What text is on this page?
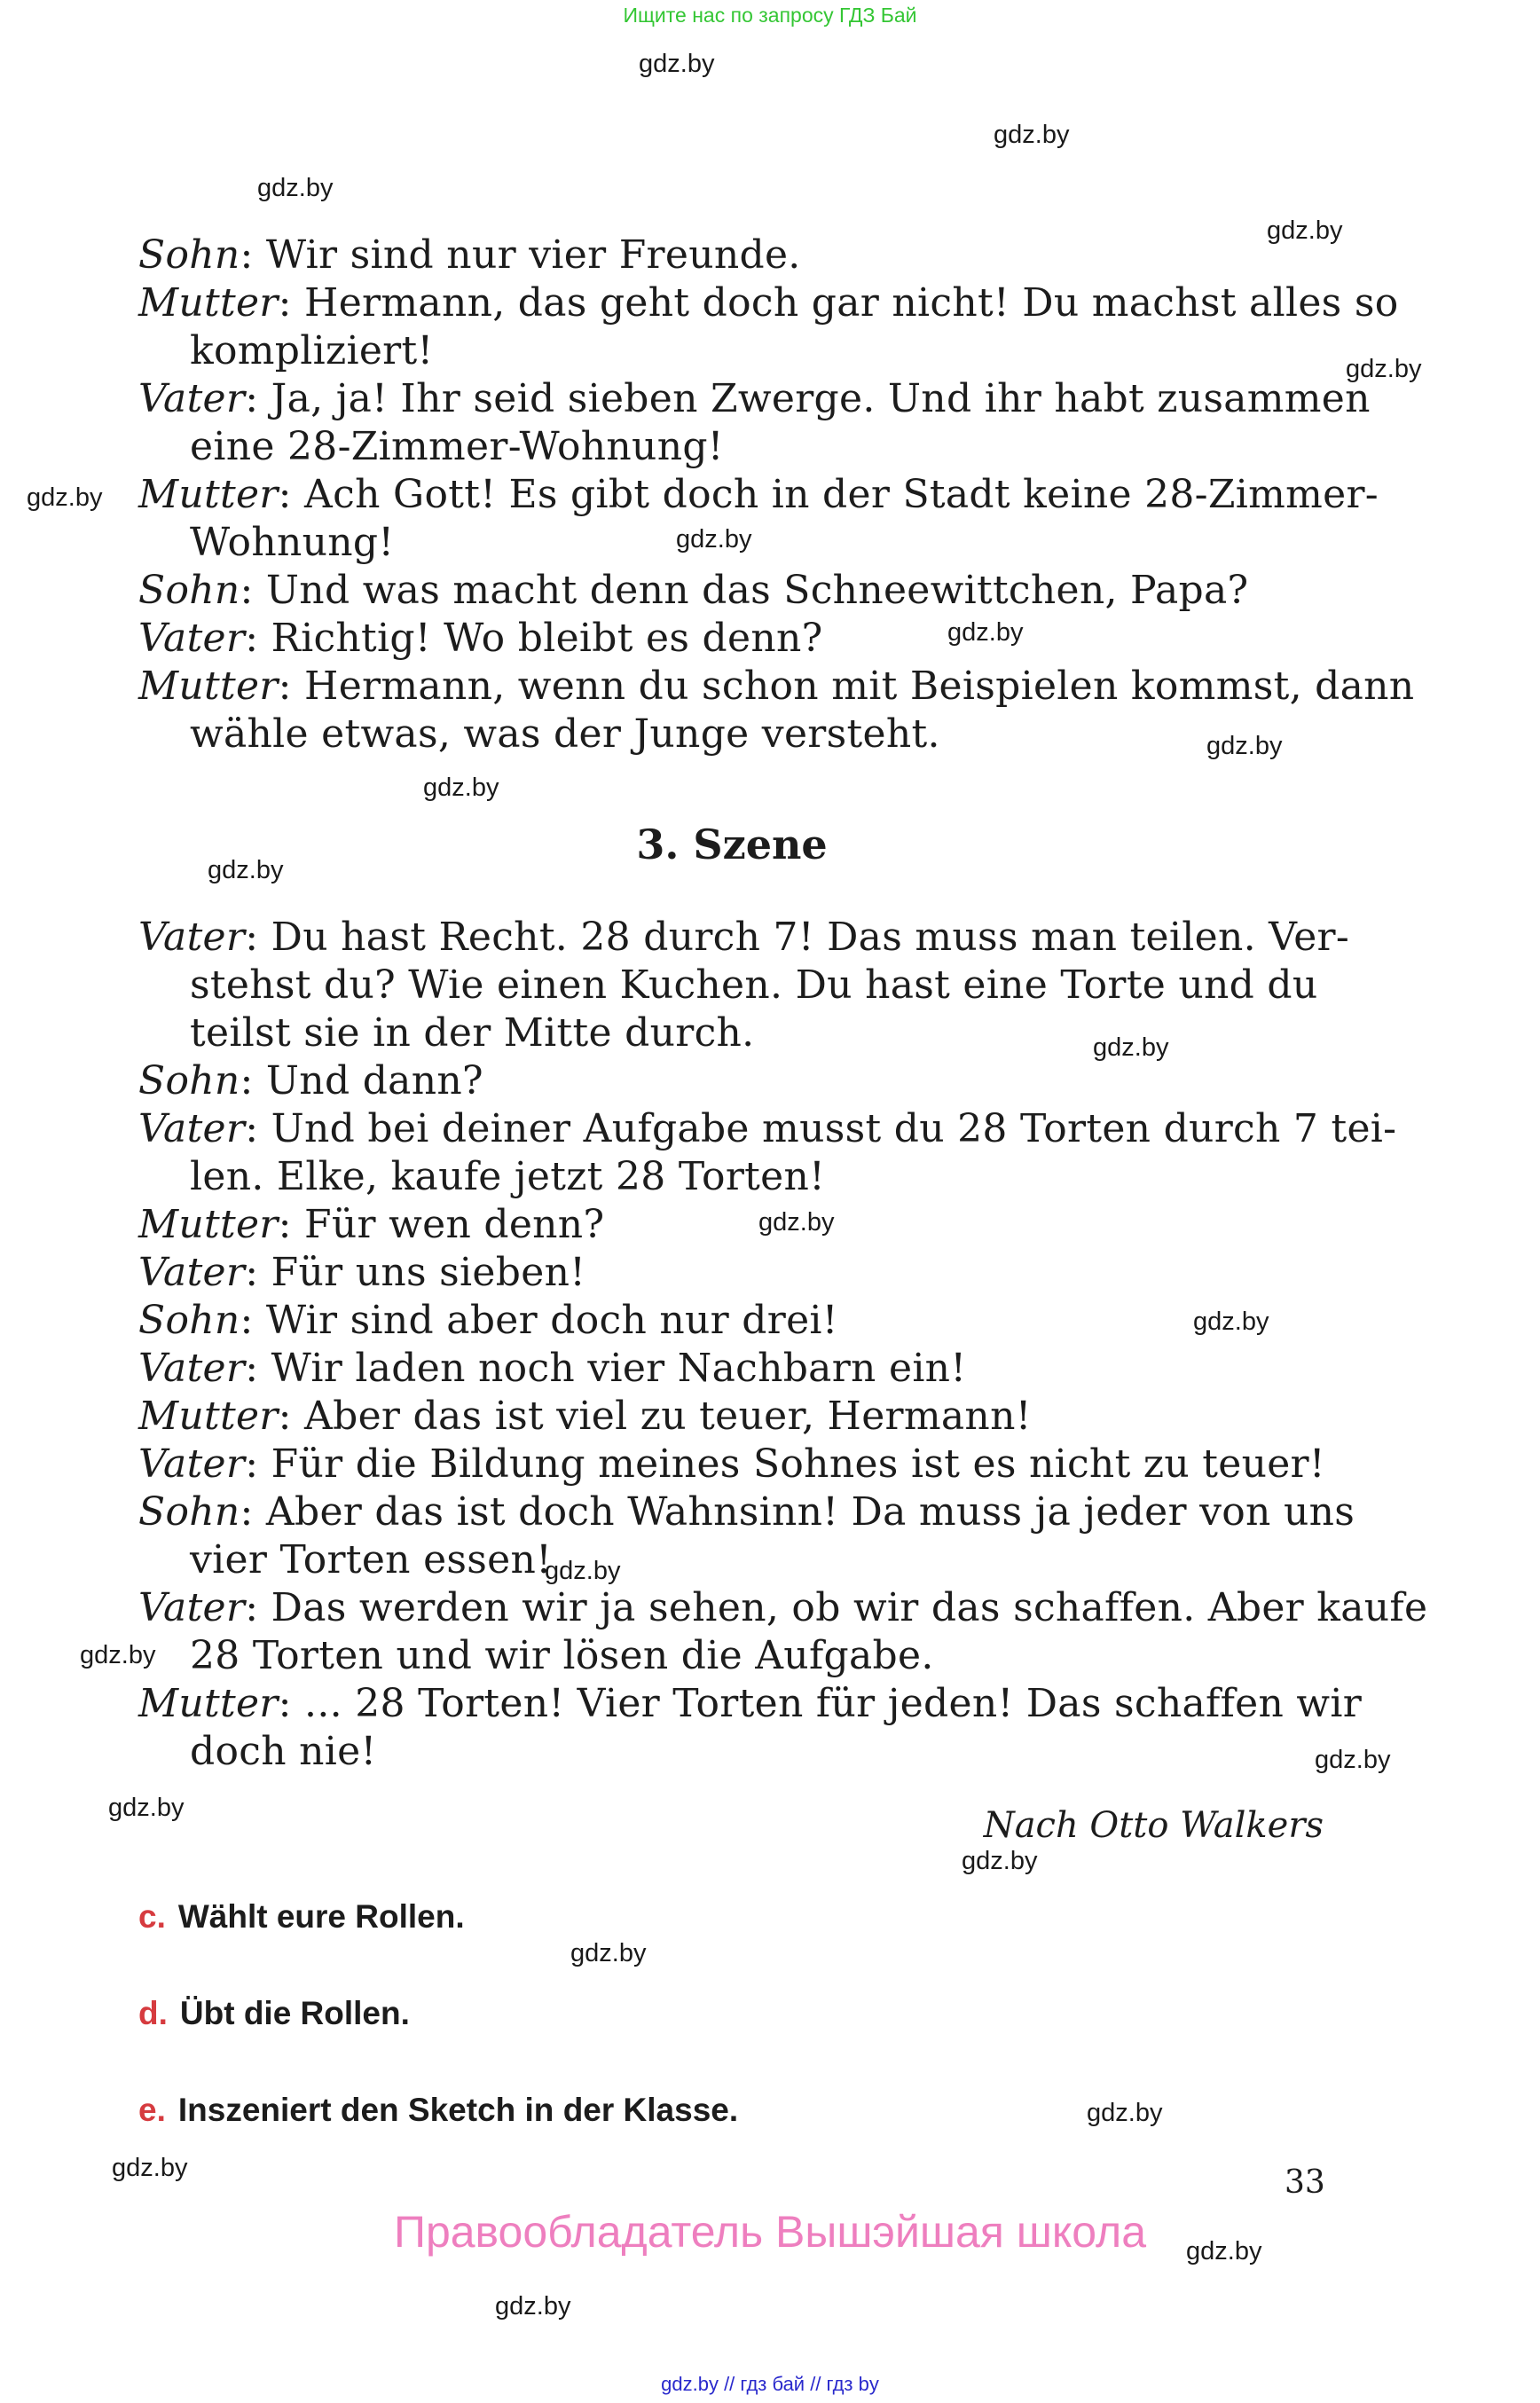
Ищите нас по запросу ГДЗ Бай
gdz.by
gdz.by
gdz.by
gdz.by
gdz.by
gdz.by
gdz.by
gdz.by
gdz.by
gdz.by
gdz.by
gdz.by
gdz.by
gdz.by
gdz.by
gdz.by
gdz.by
gdz.by
gdz.by
gdz.by
gdz.by
gdz.by
gdz.by
gdz.by
Sohn: Wir sind nur vier Freunde.
Mutter: Hermann, das geht doch gar nicht! Du machst alles so
kompliziert!
Vater: Ja, ja! Ihr seid sieben Zwerge. Und ihr habt zusammen
eine 28-Zimmer-Wohnung!
Mutter: Ach Gott! Es gibt doch in der Stadt keine 28-Zimmer-
Wohnung!
Sohn: Und was macht denn das Schneewittchen, Papa?
Vater: Richtig! Wo bleibt es denn?
Mutter: Hermann, wenn du schon mit Beispielen kommst, dann
wähle etwas, was der Junge versteht.
3. Szene
Vater: Du hast Recht. 28 durch 7! Das muss man teilen. Ver-
stehst du? Wie einen Kuchen. Du hast eine Torte und du
teilst sie in der Mitte durch.
Sohn: Und dann?
Vater: Und bei deiner Aufgabe musst du 28 Torten durch 7 tei-
len. Elke, kaufe jetzt 28 Torten!
Mutter: Für wen denn?
Vater: Für uns sieben!
Sohn: Wir sind aber doch nur drei!
Vater: Wir laden noch vier Nachbarn ein!
Mutter: Aber das ist viel zu teuer, Hermann!
Vater: Für die Bildung meines Sohnes ist es nicht zu teuer!
Sohn: Aber das ist doch Wahnsinn! Da muss ja jeder von uns
vier Torten essen!
Vater: Das werden wir ja sehen, ob wir das schaffen. Aber kaufe
28 Torten und wir lösen die Aufgabe.
Mutter: ... 28 Torten! Vier Torten für jeden! Das schaffen wir
doch nie!
Nach Otto Walkers
c. Wählt eure Rollen.
d. Übt die Rollen.
e. Inszeniert den Sketch in der Klasse.
33
Правообладатель Вышэйшая школа
gdz.by // гдз бай // гдз by
